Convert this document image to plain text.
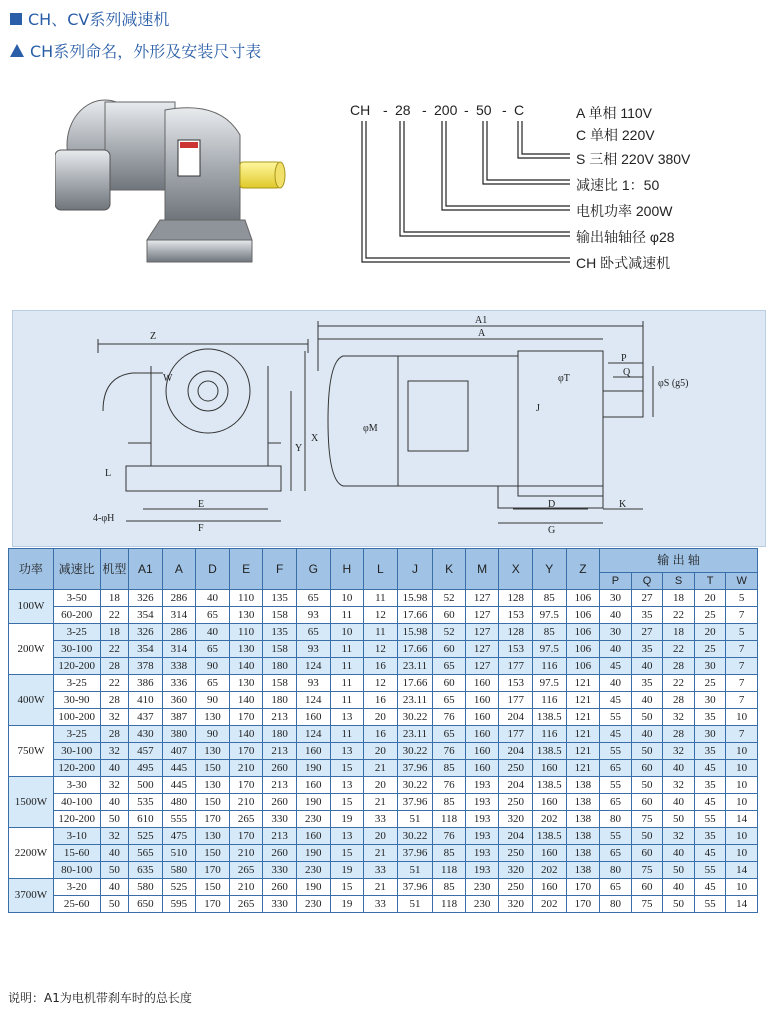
CH、CV系列减速机
CH系列命名，外形及安装尺寸表
CH - 28 - 200 - 50 - C	A 单相 110V
C 单相 220V
S 三相 220V 380V
减速比 1：50
电机功率 200W
输出轴轴径 φ28
CH 卧式减速机
Z
W
X
Y
L
4-φH
E
F
A1
A
φM
P
Q
φT	φS (g5)
J
D
G
K
功率	减速比	机型	A1	A	D	E	F	G	H	L	J	K	M	X	Y	Z	输 出 轴				
																	P	Q	S	T	W
100W	3-50	18	326	286	40	110	135	65	10	11	15.98	52	127	128	85	106	30	27	18	20	5
	60-200	22	354	314	65	130	158	93	11	12	17.66	60	127	153	97.5	106	40	35	22	25	7
200W	3-25	18	326	286	40	110	135	65	10	11	15.98	52	127	128	85	106	30	27	18	20	5
	30-100	22	354	314	65	130	158	93	11	12	17.66	60	127	153	97.5	106	40	35	22	25	7
	120-200	28	378	338	90	140	180	124	11	16	23.11	65	127	177	116	106	45	40	28	30	7
400W	3-25	22	386	336	65	130	158	93	11	12	17.66	60	160	153	97.5	121	40	35	22	25	7
	30-90	28	410	360	90	140	180	124	11	16	23.11	65	160	177	116	121	45	40	28	30	7
	100-200	32	437	387	130	170	213	160	13	20	30.22	76	160	204	138.5	121	55	50	32	35	10
750W	3-25	28	430	380	90	140	180	124	11	16	23.11	65	160	177	116	121	45	40	28	30	7
	30-100	32	457	407	130	170	213	160	13	20	30.22	76	160	204	138.5	121	55	50	32	35	10
	120-200	40	495	445	150	210	260	190	15	21	37.96	85	160	250	160	121	65	60	40	45	10
1500W	3-30	32	500	445	130	170	213	160	13	20	30.22	76	193	204	138.5	138	55	50	32	35	10
	40-100	40	535	480	150	210	260	190	15	21	37.96	85	193	250	160	138	65	60	40	45	10
	120-200	50	610	555	170	265	330	230	19	33	51	118	193	320	202	138	80	75	50	55	14
2200W	3-10	32	525	475	130	170	213	160	13	20	30.22	76	193	204	138.5	138	55	50	32	35	10
	15-60	40	565	510	150	210	260	190	15	21	37.96	85	193	250	160	138	65	60	40	45	10
	80-100	50	635	580	170	265	330	230	19	33	51	118	193	320	202	138	80	75	50	55	14
3700W	3-20	40	580	525	150	210	260	190	15	21	37.96	85	230	250	160	170	65	60	40	45	10
	25-60	50	650	595	170	265	330	230	19	33	51	118	230	320	202	170	80	75	50	55	14
说明：A1为电机带刹车时的总长度
